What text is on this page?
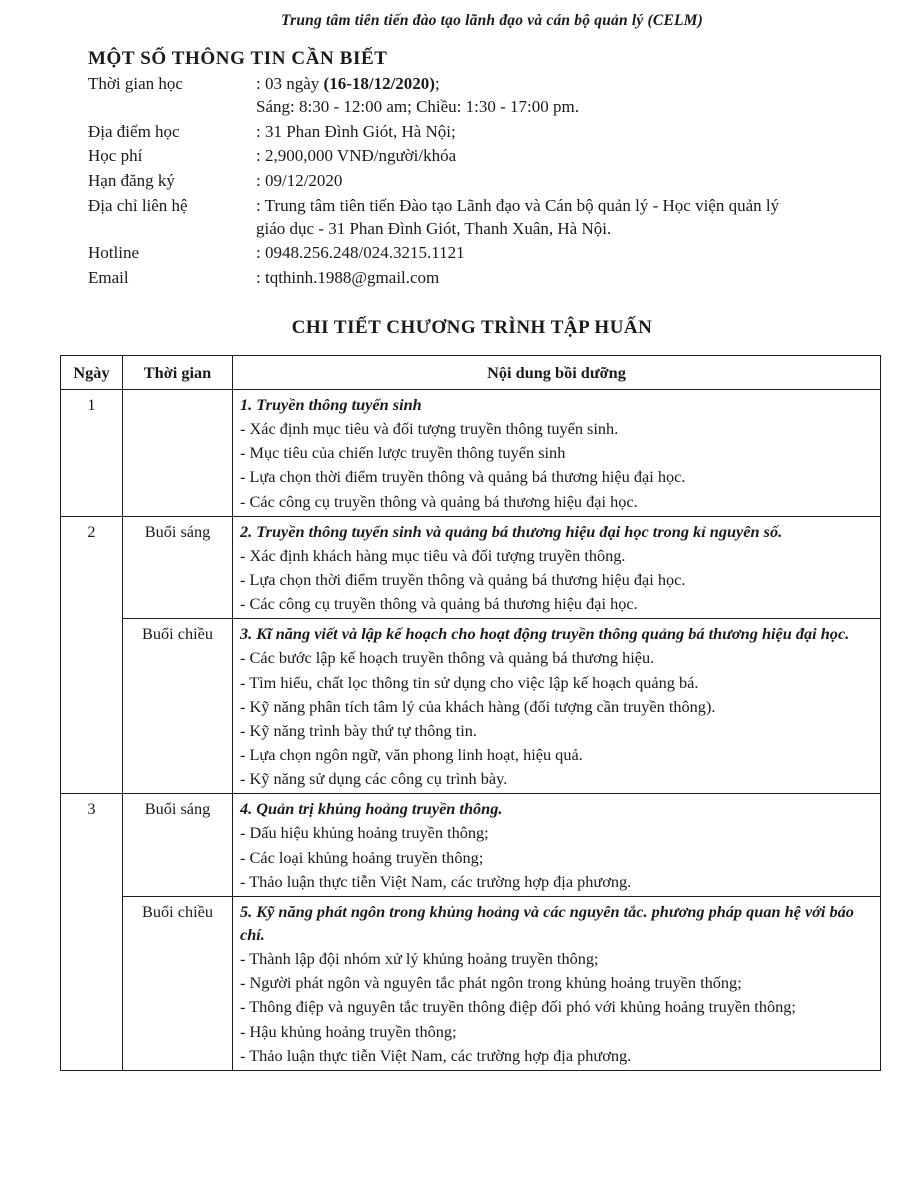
Trung tâm tiên tiến đào tạo lãnh đạo và cán bộ quản lý (CELM)
MỘT SỐ THÔNG TIN CẦN BIẾT
Thời gian học	: 03 ngày (16-18/12/2020);
Sáng: 8:30 - 12:00 am; Chiều: 1:30 - 17:00 pm.

Địa điểm học	: 31 Phan Đình Giót, Hà Nội;
Học phí	: 2,900,000 VNĐ/người/khóa
Hạn đăng ký	: 09/12/2020
Địa chỉ liên hệ	: Trung tâm tiên tiến Đào tạo Lãnh đạo và Cán bộ quản lý - Học viện quản lý
giáo dục - 31 Phan Đình Giót, Thanh Xuân, Hà Nội.

Hotline	: 0948.256.248/024.3215.1121
Email	: tqthinh.1988@gmail.com
CHI TIẾT CHƯƠNG TRÌNH TẬP HUẤN
Ngày	Thời gian	Nội dung bồi dưỡng
1		1. Truyền thông tuyển sinh
- Xác định mục tiêu và đối tượng truyền thông tuyển sinh.
- Mục tiêu của chiến lược truyền thông tuyển sinh
- Lựa chọn thời điểm truyền thông và quảng bá thương hiệu đại học.
- Các công cụ truyền thông và quảng bá thương hiệu đại học.

2	Buổi sáng	2. Truyền thông tuyển sinh và quảng bá thương hiệu đại học trong kỉ nguyên số.
- Xác định khách hàng mục tiêu và đối tượng truyền thông.
- Lựa chọn thời điểm truyền thông và quảng bá thương hiệu đại học.
- Các công cụ truyền thông và quảng bá thương hiệu đại học.

Buổi chiều	3. Kĩ năng viết và lập kế hoạch cho hoạt động truyền thông quảng bá thương hiệu đại học.
- Các bước lập kế hoạch truyền thông và quảng bá thương hiệu.
- Tìm hiểu, chất lọc thông tin sử dụng cho việc lập kế hoạch quảng bá.
- Kỹ năng phân tích tâm lý của khách hàng (đối tượng cần truyền thông).
- Kỹ năng trình bày thứ tự thông tin.
- Lựa chọn ngôn ngữ, văn phong linh hoạt, hiệu quả.
- Kỹ năng sử dụng các công cụ trình bày.

3	Buổi sáng	4. Quản trị khủng hoảng truyền thông.
- Dấu hiệu khủng hoảng truyền thông;
- Các loại khủng hoảng truyền thông;
- Thảo luận thực tiễn Việt Nam, các trường hợp địa phương.

Buổi chiều	5. Kỹ năng phát ngôn trong khủng hoảng và các nguyên tắc. phương pháp quan hệ với báo chí.
- Thành lập đội nhóm xử lý khủng hoảng truyền thông;
- Người phát ngôn và nguyên tắc phát ngôn trong khủng hoảng truyền thống;
- Thông điệp và nguyên tắc truyền thông điệp đối phó với khủng hoảng truyền thông;
- Hậu khủng hoảng truyền thông;
- Thảo luận thực tiễn Việt Nam, các trường hợp địa phương.
